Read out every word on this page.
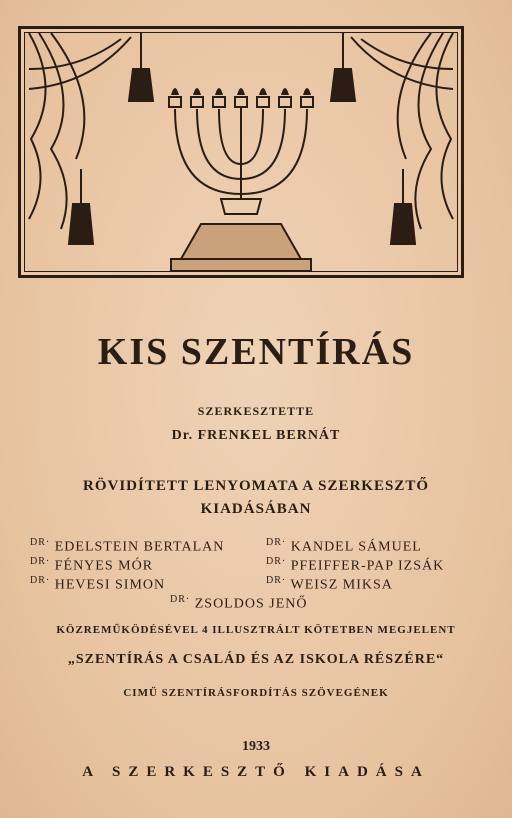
KIS SZENTÍRÁS
SZERKESZTETTE
Dr. FRENKEL BERNÁT
RÖVIDÍTETT LENYOMATA A SZERKESZTŐ
KIADÁSÁBAN
$^{DR\cdot}$ EDELSTEIN BERTALAN	$^{DR\cdot}$ KANDEL SÁMUEL
$^{DR\cdot}$ FÉNYES MÓR	$^{DR\cdot}$ PFEIFFER-PAP IZSÁK
$^{DR\cdot}$ HEVESI SIMON	$^{DR\cdot}$ WEISZ MIKSA
$^{DR\cdot}$ ZSOLDOS JENŐ
KÖZREMŰKÖDÉSÉVEL 4 ILLUSZTRÁLT KÖTETBEN MEGJELENT
„SZENTÍRÁS A CSALÁD ÉS AZ ISKOLA RÉSZÉRE“
CIMŰ SZENTÍRÁSFORDÍTÁS SZÖVEGÉNEK
1933
A SZERKESZTŐ KIADÁSA
